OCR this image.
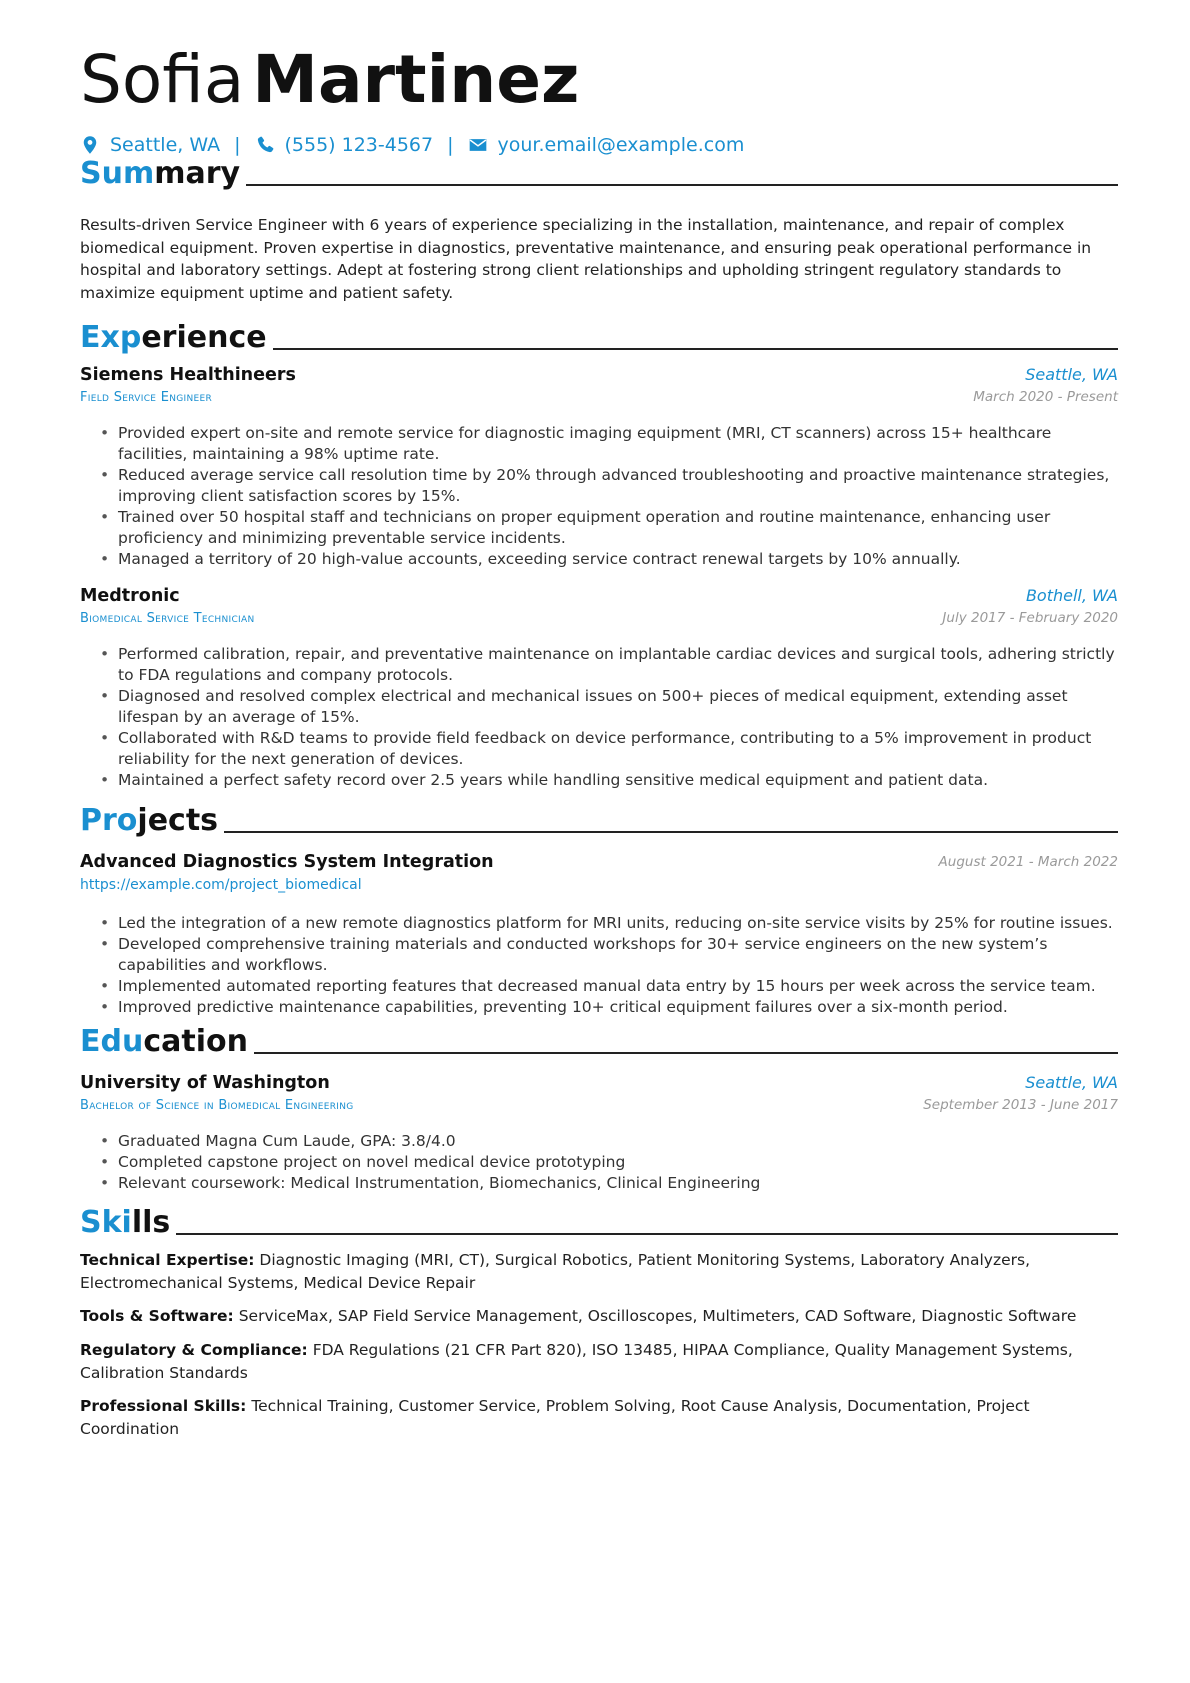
Sofia Martinez
Seattle, WA | (555) 123-4567 | your.email@example.com
Summary
Results-driven Service Engineer with 6 years of experience specializing in the installation, maintenance, and repair of complex biomedical equipment. Proven expertise in diagnostics, preventative maintenance, and ensuring peak operational performance in hospital and laboratory settings. Adept at fostering strong client relationships and upholding stringent regulatory standards to maximize equipment uptime and patient safety.
Experience
Siemens Healthineers	Seattle, WA
Field Service Engineer	March 2020 - Present
• Provided expert on-site and remote service for diagnostic imaging equipment (MRI, CT scanners) across 15+ healthcare facilities, maintaining a 98% uptime rate.
• Reduced average service call resolution time by 20% through advanced troubleshooting and proactive maintenance strategies, improving client satisfaction scores by 15%.
• Trained over 50 hospital staff and technicians on proper equipment operation and routine maintenance, enhancing user proficiency and minimizing preventable service incidents.
• Managed a territory of 20 high-value accounts, exceeding service contract renewal targets by 10% annually.
Medtronic	Bothell, WA
Biomedical Service Technician	July 2017 - February 2020
• Performed calibration, repair, and preventative maintenance on implantable cardiac devices and surgical tools, adhering strictly to FDA regulations and company protocols.
• Diagnosed and resolved complex electrical and mechanical issues on 500+ pieces of medical equipment, extending asset lifespan by an average of 15%.
• Collaborated with R&D teams to provide field feedback on device performance, contributing to a 5% improvement in product reliability for the next generation of devices.
• Maintained a perfect safety record over 2.5 years while handling sensitive medical equipment and patient data.
Projects
Advanced Diagnostics System Integration	August 2021 - March 2022
https://example.com/project_biomedical
• Led the integration of a new remote diagnostics platform for MRI units, reducing on-site service visits by 25% for routine issues.
• Developed comprehensive training materials and conducted workshops for 30+ service engineers on the new system’s capabilities and workflows.
• Implemented automated reporting features that decreased manual data entry by 15 hours per week across the service team.
• Improved predictive maintenance capabilities, preventing 10+ critical equipment failures over a six-month period.
Education
University of Washington	Seattle, WA
Bachelor of Science in Biomedical Engineering	September 2013 - June 2017
• Graduated Magna Cum Laude, GPA: 3.8/4.0
• Completed capstone project on novel medical device prototyping
• Relevant coursework: Medical Instrumentation, Biomechanics, Clinical Engineering
Skills
Technical Expertise: Diagnostic Imaging (MRI, CT), Surgical Robotics, Patient Monitoring Systems, Laboratory Analyzers, Electromechanical Systems, Medical Device Repair
Tools & Software: ServiceMax, SAP Field Service Management, Oscilloscopes, Multimeters, CAD Software, Diagnostic Software
Regulatory & Compliance: FDA Regulations (21 CFR Part 820), ISO 13485, HIPAA Compliance, Quality Management Systems, Calibration Standards
Professional Skills: Technical Training, Customer Service, Problem Solving, Root Cause Analysis, Documentation, Project Coordination
